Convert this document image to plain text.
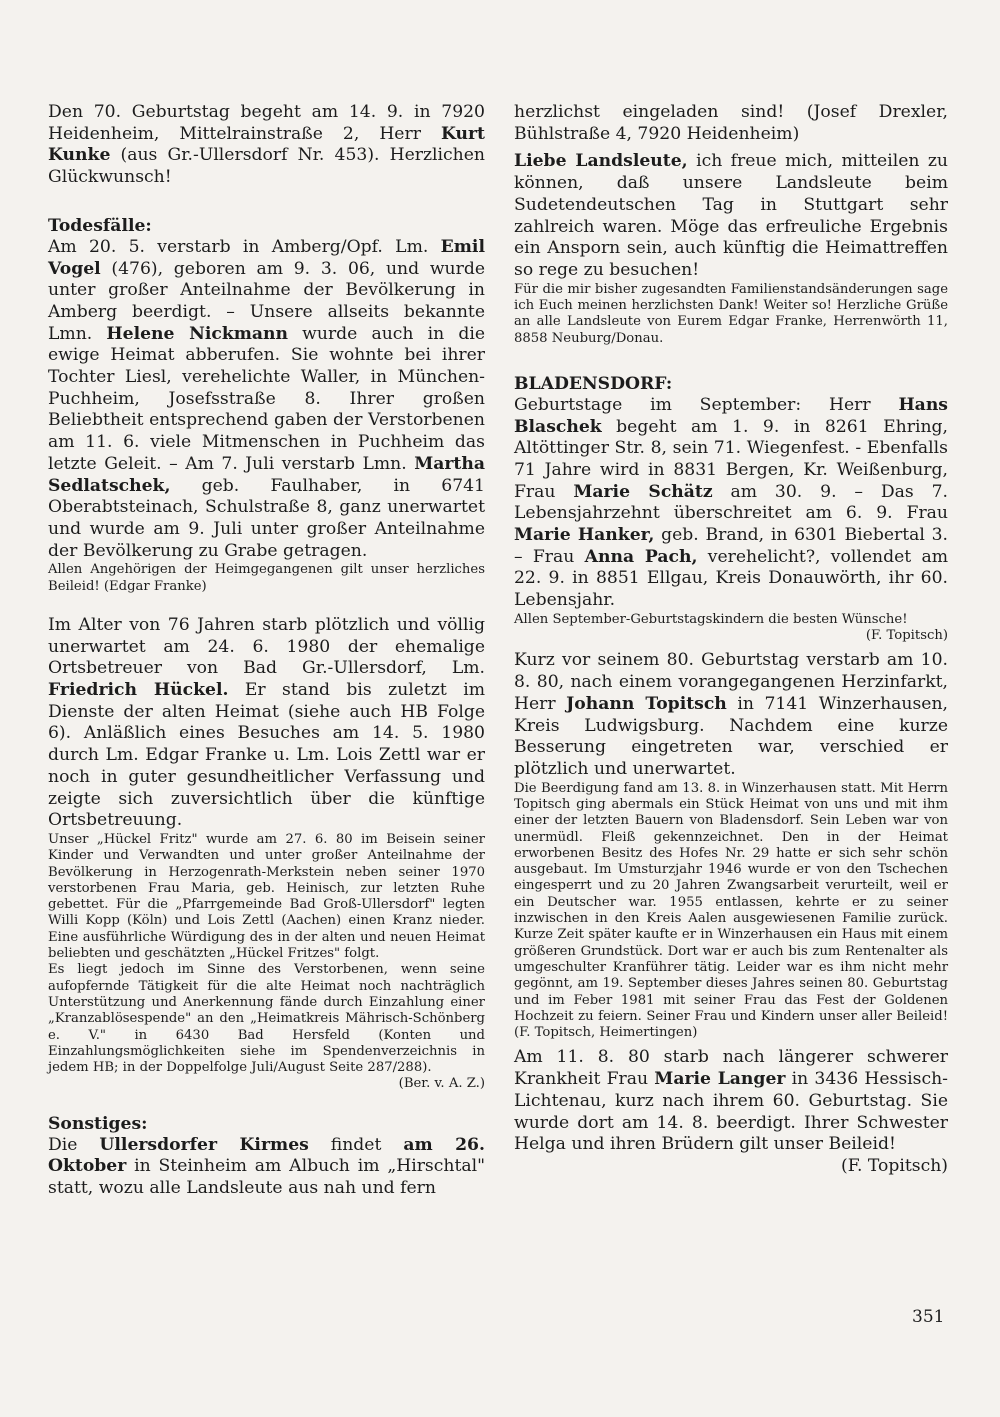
Den 70. Geburtstag begeht am 14. 9. in 7920 Heidenheim, Mittelrainstraße 2, Herr Kurt Kunke (aus Gr.-Ullersdorf Nr. 453). Herzlichen Glückwunsch!

Todesfälle:

Am 20. 5. verstarb in Amberg/Opf. Lm. Emil Vogel (476), geboren am 9. 3. 06, und wurde unter großer Anteilnahme der Bevölkerung in Amberg beerdigt. – Unsere allseits bekannte Lmn. Helene Nickmann wurde auch in die ewige Heimat abberufen. Sie wohnte bei ihrer Tochter Liesl, verehelichte Waller, in München-Puchheim, Josefsstraße 8. Ihrer großen Beliebtheit entsprechend gaben der Verstorbenen am 11. 6. viele Mitmenschen in Puchheim das letzte Geleit. – Am 7. Juli verstarb Lmn. Martha Sedlatschek, geb. Faulhaber, in 6741 Oberabtsteinach, Schulstraße 8, ganz unerwartet und wurde am 9. Juli unter großer Anteilnahme der Bevölkerung zu Grabe getragen.

Allen Angehörigen der Heimgegangenen gilt unser herzliches Beileid! (Edgar Franke)

Im Alter von 76 Jahren starb plötzlich und völlig unerwartet am 24. 6. 1980 der ehemalige Ortsbetreuer von Bad Gr.-Ullersdorf, Lm. Friedrich Hückel. Er stand bis zuletzt im Dienste der alten Heimat (siehe auch HB Folge 6). Anläßlich eines Besuches am 14. 5. 1980 durch Lm. Edgar Franke u. Lm. Lois Zettl war er noch in guter gesundheitlicher Verfassung und zeigte sich zuversichtlich über die künftige Ortsbetreuung.

Unser „Hückel Fritz" wurde am 27. 6. 80 im Beisein seiner Kinder und Verwandten und unter großer Anteilnahme der Bevölkerung in Herzogenrath-Merkstein neben seiner 1970 verstorbenen Frau Maria, geb. Heinisch, zur letzten Ruhe gebettet. Für die „Pfarrgemeinde Bad Groß-Ullersdorf" legten Willi Kopp (Köln) und Lois Zettl (Aachen) einen Kranz nieder. Eine ausführliche Würdigung des in der alten und neuen Heimat beliebten und geschätzten „Hückel Fritzes" folgt.

Es liegt jedoch im Sinne des Verstorbenen, wenn seine aufopfernde Tätigkeit für die alte Heimat noch nachträglich Unterstützung und Anerkennung fände durch Einzahlung einer „Kranzablösespende" an den „Heimatkreis Mährisch-Schönberg e. V." in 6430 Bad Hersfeld (Konten und Einzahlungsmöglichkeiten siehe im Spendenverzeichnis in jedem HB; in der Doppelfolge Juli/August Seite 287/288).

(Ber. v. A. Z.)

Sonstiges:

Die Ullersdorfer Kirmes findet am 26. Oktober in Steinheim am Albuch im „Hirschtal" statt, wozu alle Landsleute aus nah und fern

herzlichst eingeladen sind! (Josef Drexler, Bühlstraße 4, 7920 Heidenheim)

Liebe Landsleute, ich freue mich, mitteilen zu können, daß unsere Landsleute beim Sudetendeutschen Tag in Stuttgart sehr zahlreich waren. Möge das erfreuliche Ergebnis ein Ansporn sein, auch künftig die Heimattreffen so rege zu besuchen!

Für die mir bisher zugesandten Familienstandsänderungen sage ich Euch meinen herzlichsten Dank! Weiter so! Herzliche Grüße an alle Landsleute von Eurem Edgar Franke, Herrenwörth 11, 8858 Neuburg/Donau.

BLADENSDORF:

Geburtstage im September: Herr Hans Blaschek begeht am 1. 9. in 8261 Ehring, Altöttinger Str. 8, sein 71. Wiegenfest. - Ebenfalls 71 Jahre wird in 8831 Bergen, Kr. Weißenburg, Frau Marie Schätz am 30. 9. – Das 7. Lebensjahrzehnt überschreitet am 6. 9. Frau Marie Hanker, geb. Brand, in 6301 Biebertal 3. – Frau Anna Pach, verehelicht?, vollendet am 22. 9. in 8851 Ellgau, Kreis Donauwörth, ihr 60. Lebensjahr.

Allen September-Geburtstagskindern die besten Wünsche!

(F. Topitsch)

Kurz vor seinem 80. Geburtstag verstarb am 10. 8. 80, nach einem vorangegangenen Herzinfarkt, Herr Johann Topitsch in 7141 Winzerhausen, Kreis Ludwigsburg. Nachdem eine kurze Besserung eingetreten war, verschied er plötzlich und unerwartet.

Die Beerdigung fand am 13. 8. in Winzerhausen statt. Mit Herrn Topitsch ging abermals ein Stück Heimat von uns und mit ihm einer der letzten Bauern von Bladensdorf. Sein Leben war von unermüdl. Fleiß gekennzeichnet. Den in der Heimat erworbenen Besitz des Hofes Nr. 29 hatte er sich sehr schön ausgebaut. Im Umsturzjahr 1946 wurde er von den Tschechen eingesperrt und zu 20 Jahren Zwangsarbeit verurteilt, weil er ein Deutscher war. 1955 entlassen, kehrte er zu seiner inzwischen in den Kreis Aalen ausgewiesenen Familie zurück. Kurze Zeit später kaufte er in Winzerhausen ein Haus mit einem größeren Grundstück. Dort war er auch bis zum Rentenalter als umgeschulter Kranführer tätig. Leider war es ihm nicht mehr gegönnt, am 19. September dieses Jahres seinen 80. Geburtstag und im Feber 1981 mit seiner Frau das Fest der Goldenen Hochzeit zu feiern. Seiner Frau und Kindern unser aller Beileid!(F. Topitsch, Heimertingen)

Am 11. 8. 80 starb nach längerer schwerer Krankheit Frau Marie Langer in 3436 Hessisch-Lichtenau, kurz nach ihrem 60. Geburtstag. Sie wurde dort am 14. 8. beerdigt. Ihrer Schwester Helga und ihren Brüdern gilt unser Beileid!

(F. Topitsch)
351
